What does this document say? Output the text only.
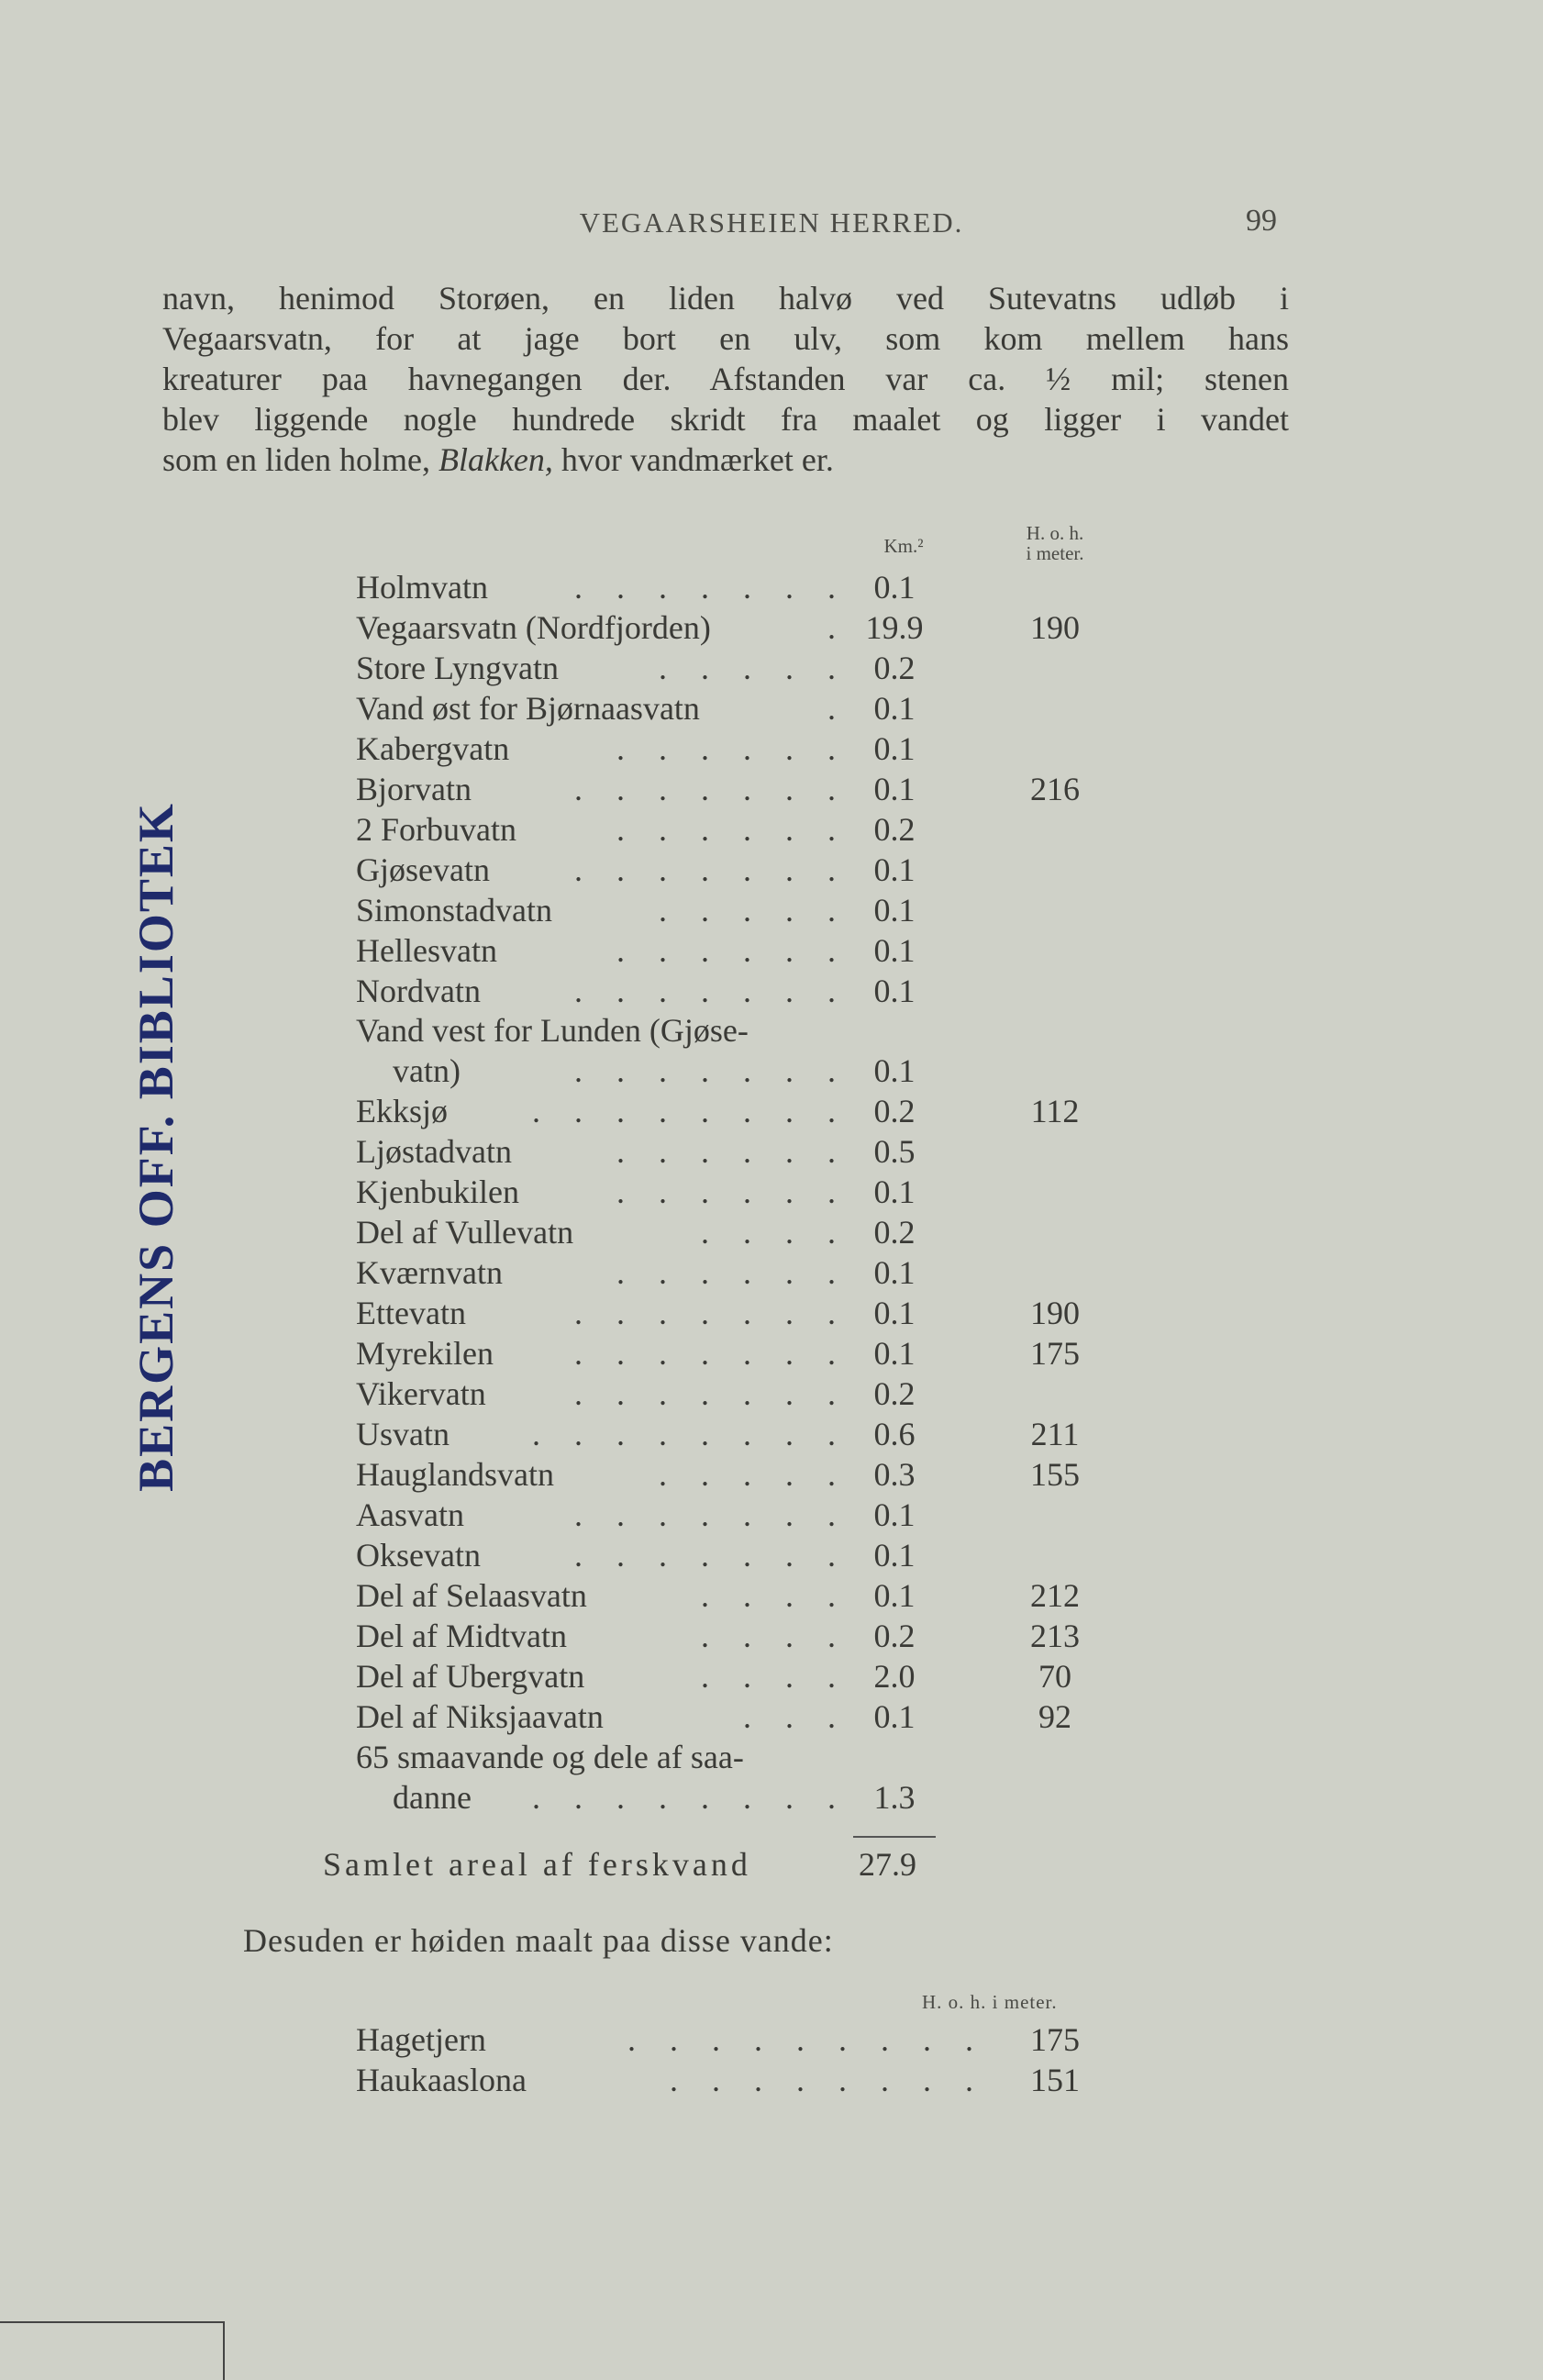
VEGAARSHEIEN HERRED.	99
navn, henimod Storøen, en liden halvø ved Sutevatns udløb i
Vegaarsvatn, for at jage bort en ulv, som kom mellem hans
kreaturer paa havnegangen der. Afstanden var ca. ½ mil; stenen
blev liggende nogle hundrede skridt fra maalet og ligger i vandet
som en liden holme, Blakken, hvor vandmærket er.
Km.²
H. o. h.
i meter.
Holmvatn	. . . . . . . 0.1
Vegaarsvatn (Nordfjorden)	. 19.9	190
Store Lyngvatn	. . . . . 0.2
Vand øst for Bjørnaasvatn	. 0.1
Kabergvatn	. . . . . . 0.1
Bjorvatn	. . . . . . . 0.1	216
2 Forbuvatn	. . . . . . 0.2
Gjøsevatn	. . . . . . . 0.1
Simonstadvatn	. . . . . 0.1
Hellesvatn	. . . . . . 0.1
Nordvatn	. . . . . . . 0.1
Vand vest for Lunden (Gjøse-
vatn)	. . . . . . . 0.1
Ekksjø	. . . . . . . . 0.2	112
Ljøstadvatn	. . . . . . 0.5
Kjenbukilen	. . . . . . 0.1
Del af Vullevatn	. . . . 0.2
Kværnvatn	. . . . . . 0.1
Ettevatn	. . . . . . . 0.1	190
Myrekilen . . . . . . . 0.1	175
Vikervatn	. . . . . . . 0.2
Usvatn	. . . . . . . . 0.6	211
Hauglandsvatn	. . . . . 0.3	155
Aasvatn	. . . . . . . 0.1
Oksevatn	. . . . . . . 0.1
Del af Selaasvatn	. . . . 0.1	212
Del af Midtvatn	. . . . 0.2	213
Del af Ubergvatn	. . . . 2.0	70
Del af Niksjaavatn	. . . 0.1	92
65 smaavande og dele af saa-
danne . . . . . . . . 1.3
Samlet areal af ferskvand	27.9
Desuden er høiden maalt paa disse vande:
H. o. h. i meter.
Hagetjern	. . . . . . . . .	175
Haukaaslona	. . . . . . . .	151
BERGENS OFF. BIBLIOTEK
